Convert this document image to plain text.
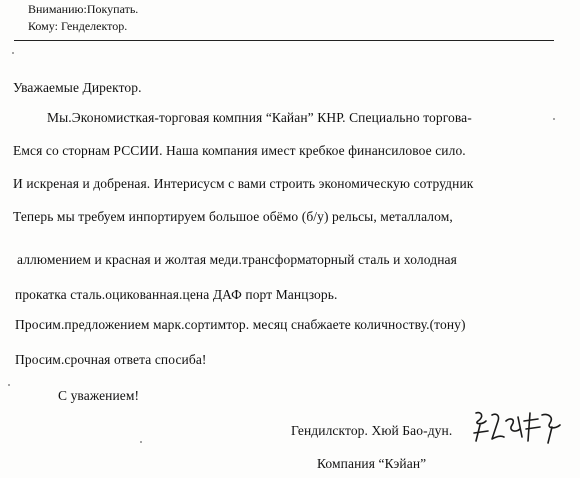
Вниманию:Покупать.
Кому: Генделектор.
Уважаемые Директор.
Мы.Экономисткая-торговая компния “Кайан” КНР. Специально торгова-
Емся со сторнам РССИИ. Наша компания имест кребкое финансиловое сило.
И искреная и добреная. Интерисусм с вами строить экономическую сотрудник
Теперь мы требуем инпортируем большое обёмо (б/у) рельсы, металлалом,
аллюмением и красная и жолтая меди.трансформаторный сталь и холодная
прокатка сталь.оцикованная.цена ДАФ порт Манцзорь.
Просим.предложением марк.сортимтор. месяц снабжаете количноству.(тону)
Просим.срочная ответа спосиба!
С уважением!
Гендилсктор. Хюй Бао-дун.
Компания “Кэйан”
